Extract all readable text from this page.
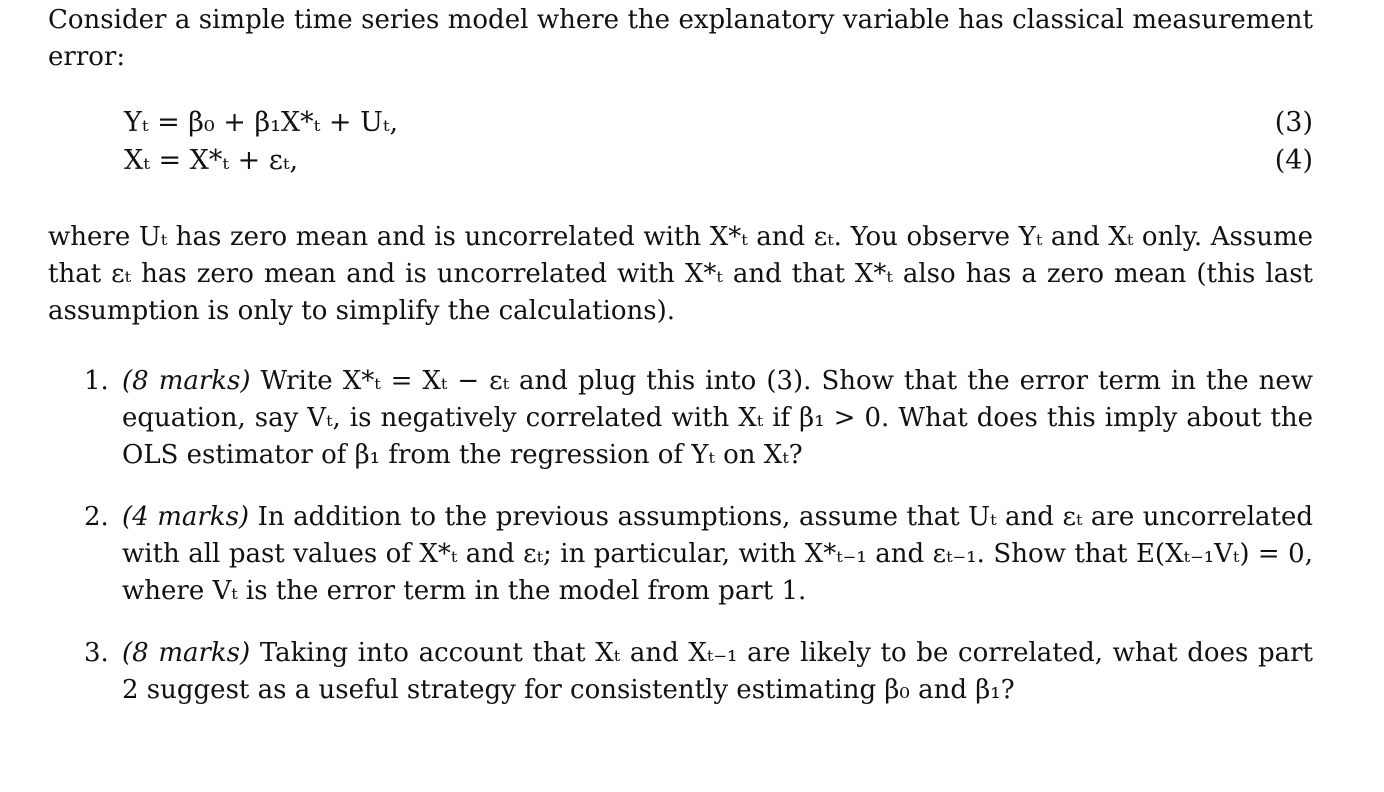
Consider a simple time series model where the explanatory variable has classical measurement error:

Yₜ = β₀ + β₁X*ₜ + Uₜ,	(3)
Xₜ = X*ₜ + εₜ,	(4)

where Uₜ has zero mean and is uncorrelated with X*ₜ and εₜ. You observe Yₜ and Xₜ only. Assume that εₜ has zero mean and is uncorrelated with X*ₜ and that X*ₜ also has a zero mean (this last assumption is only to simplify the calculations).

1. (8 marks) Write X*ₜ = Xₜ − εₜ and plug this into (3). Show that the error term in the new equation, say Vₜ, is negatively correlated with Xₜ if β₁ > 0. What does this imply about the OLS estimator of β₁ from the regression of Yₜ on Xₜ?
2. (4 marks) In addition to the previous assumptions, assume that Uₜ and εₜ are uncorrelated with all past values of X*ₜ and εₜ; in particular, with X*ₜ₋₁ and εₜ₋₁. Show that E(Xₜ₋₁Vₜ) = 0, where Vₜ is the error term in the model from part 1.
3. (8 marks) Taking into account that Xₜ and Xₜ₋₁ are likely to be correlated, what does part 2 suggest as a useful strategy for consistently estimating β₀ and β₁?
